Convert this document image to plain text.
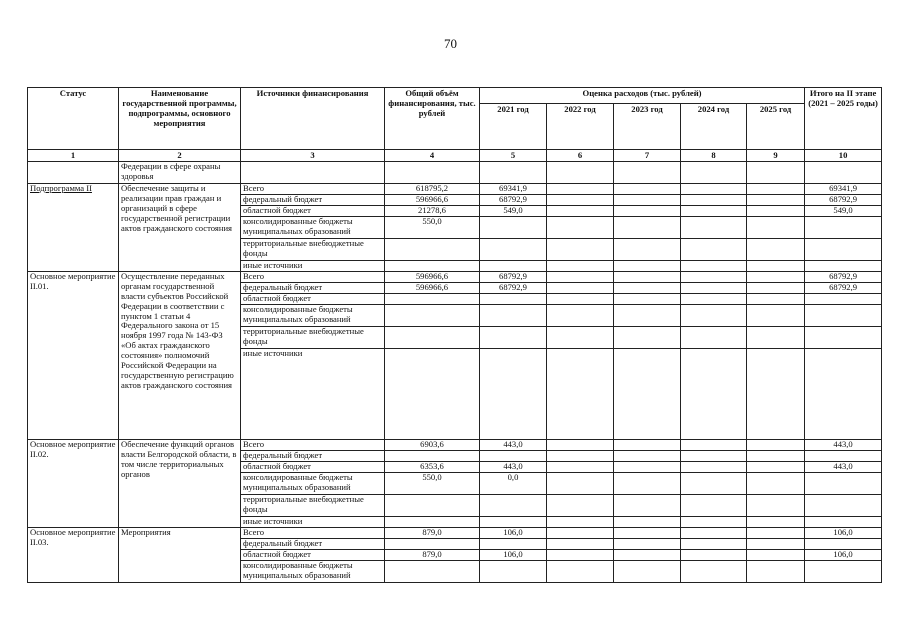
70
Статус	Наименование государственной программы, подпрограммы, основного мероприятия	Источники финансирования	Общий объём финансирования, тыс. рублей	Оценка расходов (тыс. рублей)					Итого на II этапе (2021 – 2025 годы)
				2021 год	2022 год	2023 год	2024 год	2025 год	
1	2	3	4	5	6	7	8	9	10
	Федерации в сфере охраны здоровья								
Подпрограмма II	Обеспечение защиты и реализации прав граждан и организаций в сфере государственной регистрации актов гражданского состояния	Всего	618795,2	69341,9					69341,9
		федеральный бюджет	596966,6	68792,9					68792,9
		областной бюджет	21278,6	549,0					549,0
		консолидированные бюджеты муниципальных образований	550,0						
		территориальные внебюджетные фонды							
		иные источники							
Основное мероприятие II.01.	Осуществление переданных органам государственной власти субъектов Российской Федерации в соответствии с пунктом 1 статьи 4 Федерального закона от 15 ноября 1997 года № 143-ФЗ «Об актах гражданского состояния» полномочий Российской Федерации на государственную регистрацию актов гражданского состояния	Всего	596966,6	68792,9					68792,9
		федеральный бюджет	596966,6	68792,9					68792,9
		областной бюджет							
		консолидированные бюджеты муниципальных образований							
		территориальные внебюджетные фонды							
		иные источники							
Основное мероприятие II.02.	Обеспечение функций органов власти Белгородской области, в том числе территориальных органов	Всего	6903,6	443,0					443,0
		федеральный бюджет							
		областной бюджет	6353,6	443,0					443,0
		консолидированные бюджеты муниципальных образований	550,0	0,0					
		территориальные внебюджетные фонды							
		иные источники							
Основное мероприятие II.03.	Мероприятия	Всего	879,0	106,0					106,0
		федеральный бюджет							
		областной бюджет	879,0	106,0					106,0
		консолидированные бюджеты муниципальных образований							
